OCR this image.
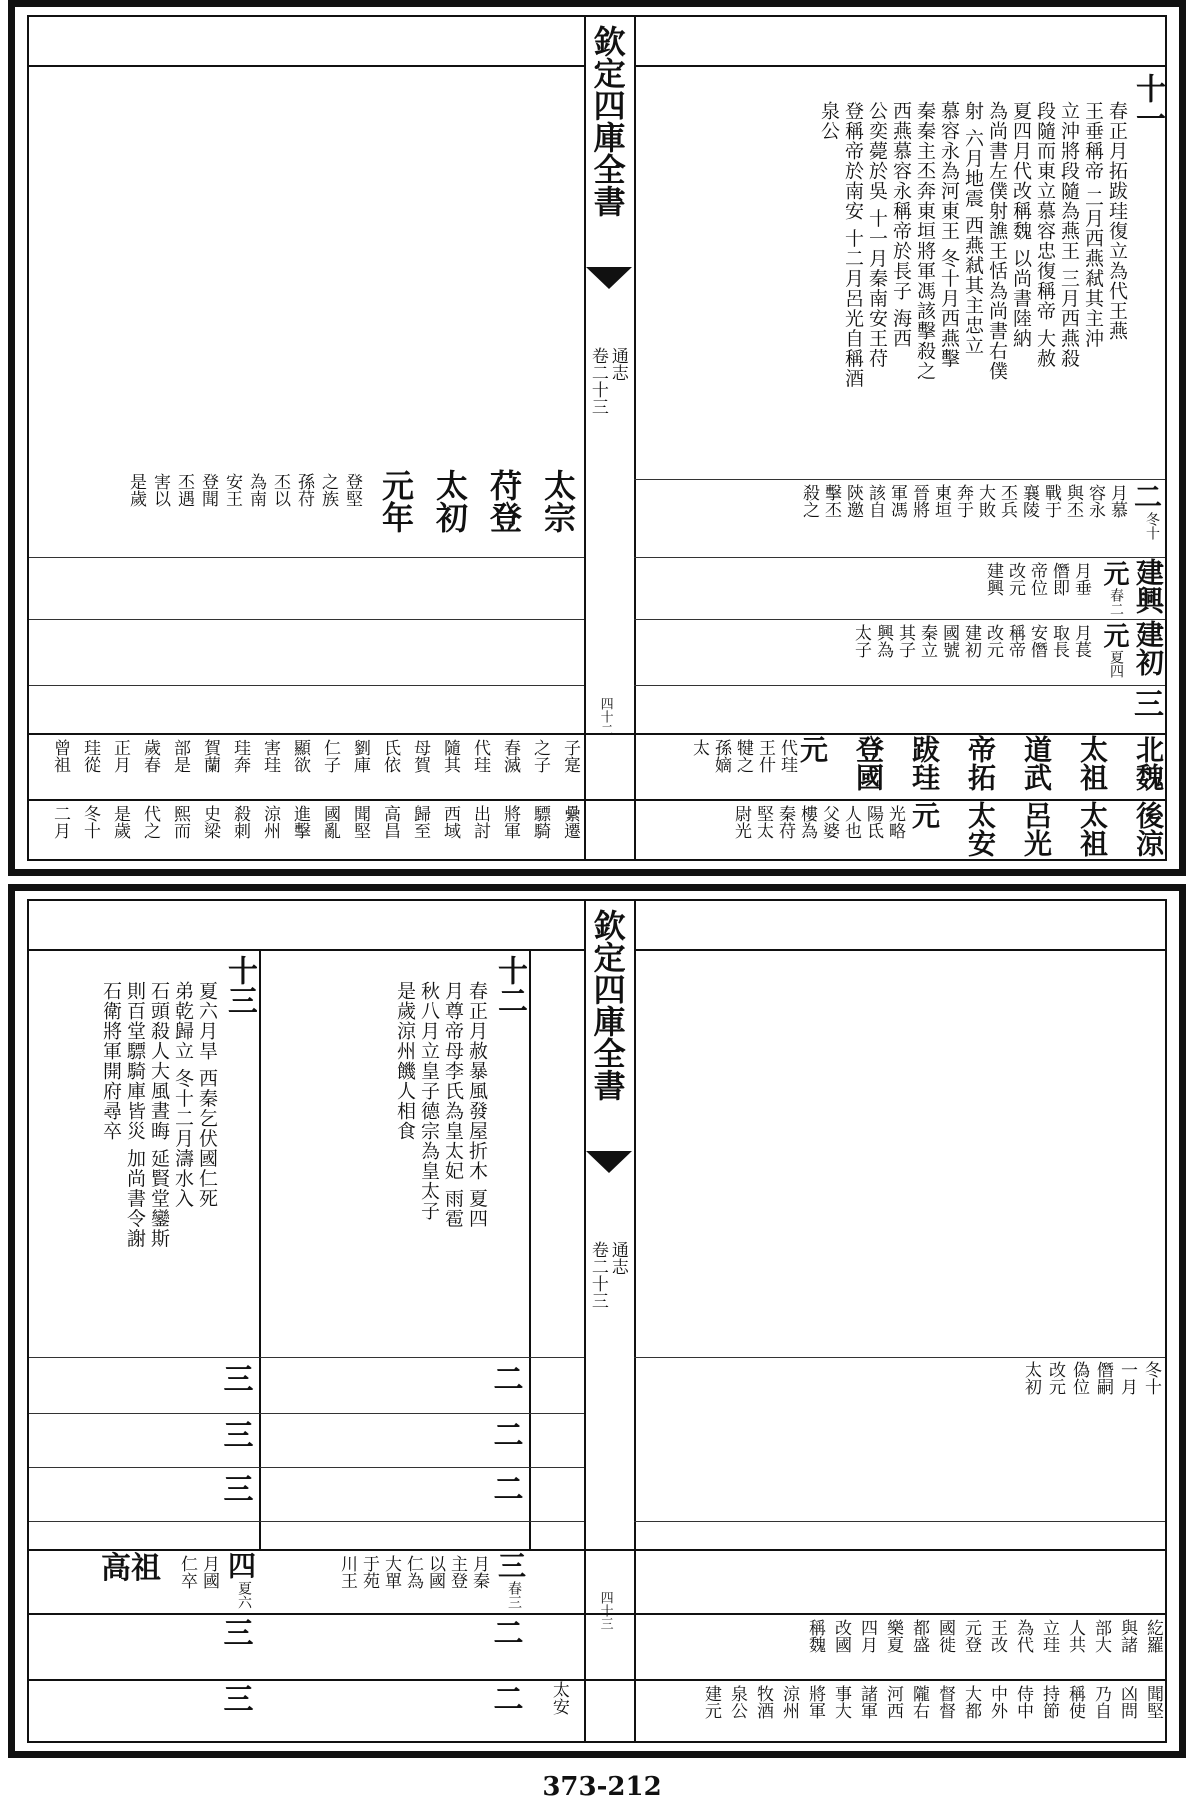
欽定四庫全書
通志
卷二十三
四十二
十一
春正月拓跋珪復立為代王燕
王垂稱帝 二月西燕弒其主沖
立沖將段隨為燕王 三月西燕殺
段隨而東立慕容忠復稱帝 大赦
夏四月代改稱魏 以尚書陸納
為尚書左僕射譙王恬為尚書右僕
射 六月地震 西燕弒其主忠立
慕容永為河東王 冬十月西燕擊
秦秦主丕奔東垣將軍馮該擊殺之
西燕慕容永稱帝於長子 海西
公奕薨於吳 十一月秦南安王苻
登稱帝於南安 十二月呂光自稱酒
泉公
二
冬十
月慕
容永
與丕
戰于
襄陵
丕兵
大敗
奔于
東垣
晉將
軍馮
該自
陝邀
擊丕
殺之
建興
元
春二
月垂
僭即
帝位
改元
建興
建初
元
夏四
月萇
取長
安僭
稱帝
改元
建初
國號
秦立
其子
興為
太子
三
北魏
太祖
道武
帝拓
跋珪
登國
元
代珪
王什
犍之
孫嫡
太
後涼
太祖
呂光
太安
元
光略
陽氐
人也
父婆
樓為
秦苻
堅太
尉光
太宗
苻登
太初
元年
登堅
之族
孫苻
丕以
為南
安王
登聞
丕遇
害以
是歲
子寔
之子
春滅
代珪
隨其
母賀
氏依
劉庫
仁子
顯欲
害珪
珪奔
賀蘭
部是
歲春
正月
珪從
曾祖
纍遷
驃騎
將軍
出討
西域
歸至
高昌
聞堅
國亂
進擊
涼州
殺刺
史梁
熙而
代之
是歲
冬十
二月
欽定四庫全書
通志
卷二十三
四十三
十二
春正月赦暴風發屋折木 夏四
月尊帝母李氏為皇太妃 雨雹
秋八月立皇子德宗為皇太子
是歲涼州饑人相食
十三
夏六月旱 西秦乞伏國仁死
弟乾歸立 冬十二月濤水入
石頭殺人大風晝晦 延賢堂鑾斯
則百堂驃騎庫皆災 加尚書令謝
石衛將軍開府尋卒
二
二
二
三
三
三
三
春三
月秦
主登
以國
仁為
大單
于苑
川王
四
夏六
月國
仁卒
高祖
二
三
二
三	太安
冬十
一月
僭嗣
偽位
改元
太初
紇羅
與諸
部大
人共
立珪
為代
王改
元登
國徙
都盛
樂夏
四月
改國
稱魏
聞堅
凶問
乃自
稱使
持節
侍中
中外
大都
督督
隴右
河西
諸軍
事大
將軍
涼州
牧酒
泉公
建元
373-212
